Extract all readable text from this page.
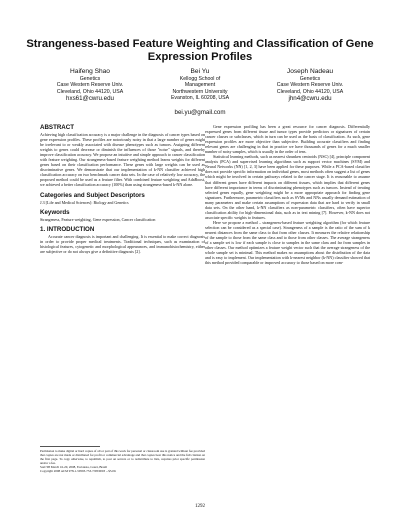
Strangeness-based Feature Weighting and Classification of Gene Expression Profiles
Haifeng Shao
Genetics
Case Western Reserve Univ.
Cleveland, Ohio 44120, USA
hxs61@cwru.edu
Bei Yu
Kellogg School of
Management
Northwestern University
Evanston, IL 60208, USA
Joseph Nadeau
Genetics
Case Western Reserve Univ.
Cleveland, Ohio 44120, USA
jhn4@cwru.edu
bei.yu@gmail.com
ABSTRACT

Achieving high classification accuracy is a major challenge in the diagnosis of cancer types based on gene expression profiles. These profiles are notoriously noisy in that a large number of genes might be irrelevant to or weakly associated with disease phenotypes such as tumors. Assigning different weights to genes could decrease or diminish the influences of those "noise" signals, and thereby improve classification accuracy. We propose an intuitive and simple approach to cancer classification with feature weighting. Our strangeness-based feature weighting method learns weights for different genes based on their classification performance. These genes with large weights can be used as discriminative genes. We demonstrate that our implementation of k-NN classifier achieved high classification accuracy on two benchmark cancer data sets. In the case of relatively low accuracy, the proposed method could be used as a feature filter. With combined feature weighting and AdaBoost, we achieved a better classification accuracy (100%) than using strangeness-based k-NN alone.

Categories and Subject Descriptors

J.3 [Life and Medical Sciences]: Biology and Genetics

Keywords

Strangeness, Feature weighting, Gene expression, Cancer classification

1. INTRODUCTION

Accurate cancer diagnosis is important and challenging. It is essential to make correct diagnosis in order to provide proper medical treatments. Traditional techniques, such as examination of histological features, cytogenetic and morphological appearances, and immunohistochemistry, either are subjective or do not always give a definitive diagnosis [2].

Permission to make digital or hard copies of all or part of this work for personal or classroom use is granted without fee provided that copies are not made or distributed for profit or commercial advantage and that copies bear this notice and the full citation on the first page. To copy otherwise, to republish, to post on servers or to redistribute to lists, requires prior specific permission and/or a fee.
SAC'08 March 16-20, 2008, Fortaleza, Ceará, Brazil
Copyright 2008 ACM 978-1-59593-753-7/08/0003 ...$5.00.

Gene expression profiling has been a great resource for cancer diagnosis. Differentially expressed genes from different tissue and tumor types provide predictors or signatures of certain cancer classes or subclasses, which in turn can be used as the basis of classification. As such, gene expression profiles are more objective than subjective. Building accurate classifiers and finding relevant genes are challenging in that in practice we have thousands of genes for a much smaller number of noisy samples, which is usually in the order of tens.

Statistical learning methods, such as nearest shrunken centroids (NSC) [4], principle component analysis (PCA) and supervised learning algorithms such as support vector machines (SVM) and Neural Networks (NN) [1, 2, 3] have been applied for these purposes. While a PCA-based classifier does not provide specific information on individual genes, most methods often suggest a list of genes which might be involved in certain pathways related to the cancer stage. It is reasonable to assume that different genes have different impacts on different tissues, which implies that different genes have different importance in terms of discriminating phenotypes such as tumors. Instead of treating selected genes equally, gene weighting might be a more appropriate approach for finding gene signatures. Furthermore, parametric classifiers such as SVMs and NNs usually demand estimation of many parameters and make certain assumptions of expression data that are hard to verify in small data sets. On the other hand, k-NN classifiers as non-parametric classifiers, often have superior classification ability for high-dimensional data, such as in text mining [7]. However, k-NN does not associate specific weights to features.

Here we propose a method – strangeness-based feature weighting algorithm (for which feature selection can be considered as a special case). Strangeness of a sample is the ratio of the sum of k nearest distances from the same class to that from other classes. It measures the relative relationship of the sample to those from the same class and to those from other classes. The average strangeness of a sample set is low if each sample is close to samples in the same class and far from samples in other classes. Our method optimizes a feature weight vector such that the average strangeness of the whole sample set is minimal. This method makes no assumptions about the distribution of the data and is easy to implement. Our implementation with k-nearest neighbor (k-NN) classifier showed that this method provided comparable or improved accuracy to those based on more com-

1292
